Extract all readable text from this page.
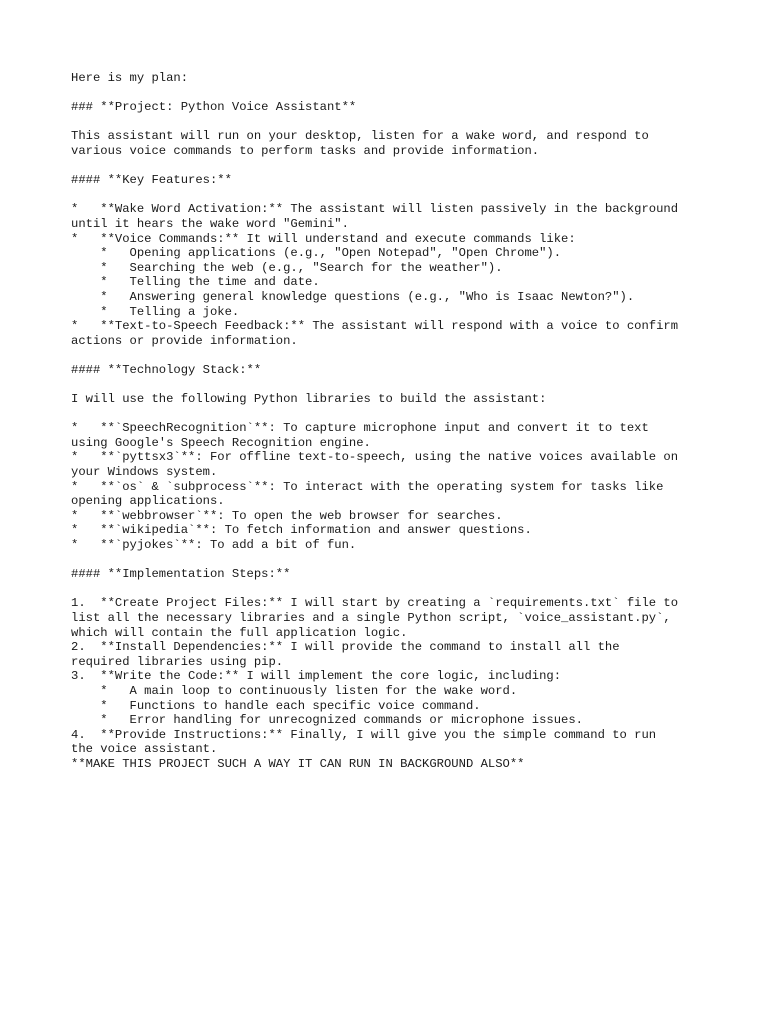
Here is my plan:
### **Project: Python Voice Assistant**
This assistant will run on your desktop, listen for a wake word, and respond to
various voice commands to perform tasks and provide information.
#### **Key Features:**
*   **Wake Word Activation:** The assistant will listen passively in the background
until it hears the wake word "Gemini".
*   **Voice Commands:** It will understand and execute commands like:
*   Opening applications (e.g., "Open Notepad", "Open Chrome").
*   Searching the web (e.g., "Search for the weather").
*   Telling the time and date.
*   Answering general knowledge questions (e.g., "Who is Isaac Newton?").
*   Telling a joke.
*   **Text-to-Speech Feedback:** The assistant will respond with a voice to confirm
actions or provide information.
#### **Technology Stack:**
I will use the following Python libraries to build the assistant:
*   **`SpeechRecognition`**: To capture microphone input and convert it to text
using Google's Speech Recognition engine.
*   **`pyttsx3`**: For offline text-to-speech, using the native voices available on
your Windows system.
*   **`os` & `subprocess`**: To interact with the operating system for tasks like
opening applications.
*   **`webbrowser`**: To open the web browser for searches.
*   **`wikipedia`**: To fetch information and answer questions.
*   **`pyjokes`**: To add a bit of fun.
#### **Implementation Steps:**
1.  **Create Project Files:** I will start by creating a `requirements.txt` file to
list all the necessary libraries and a single Python script, `voice_assistant.py`,
which will contain the full application logic.
2.  **Install Dependencies:** I will provide the command to install all the
required libraries using pip.
3.  **Write the Code:** I will implement the core logic, including:
*   A main loop to continuously listen for the wake word.
*   Functions to handle each specific voice command.
*   Error handling for unrecognized commands or microphone issues.
4.  **Provide Instructions:** Finally, I will give you the simple command to run
the voice assistant.
**MAKE THIS PROJECT SUCH A WAY IT CAN RUN IN BACKGROUND ALSO**
